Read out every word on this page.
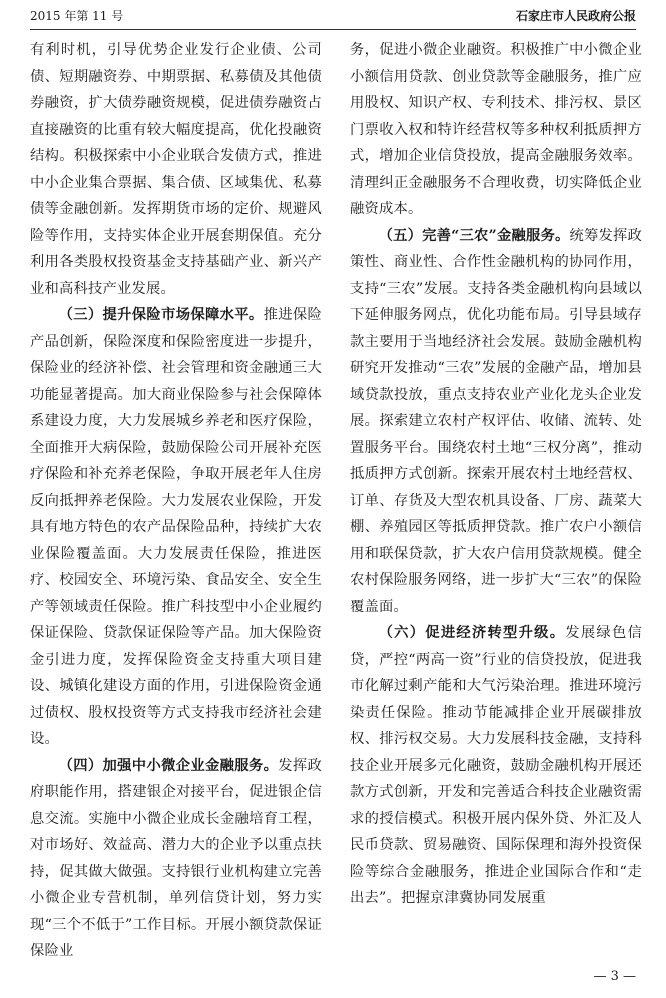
2015 年第 11 号	石家庄市人民政府公报

有利时机，引导优势企业发行企业债、公司债、短期融资券、中期票据、私募债及其他债券融资，扩大债券融资规模，促进债券融资占直接融资的比重有较大幅度提高，优化投融资结构。积极探索中小企业联合发债方式，推进中小企业集合票据、集合债、区域集优、私募债等金融创新。发挥期货市场的定价、规避风险等作用，支持实体企业开展套期保值。充分利用各类股权投资基金支持基础产业、新兴产业和高科技产业发展。

（三）提升保险市场保障水平。推进保险产品创新，保险深度和保险密度进一步提升，保险业的经济补偿、社会管理和资金融通三大功能显著提高。加大商业保险参与社会保障体系建设力度，大力发展城乡养老和医疗保险，全面推开大病保险，鼓励保险公司开展补充医疗保险和补充养老保险，争取开展老年人住房反向抵押养老保险。大力发展农业保险，开发具有地方特色的农产品保险品种，持续扩大农业保险覆盖面。大力发展责任保险，推进医疗、校园安全、环境污染、食品安全、安全生产等领域责任保险。推广科技型中小企业履约保证保险、贷款保证保险等产品。加大保险资金引进力度，发挥保险资金支持重大项目建设、城镇化建设方面的作用，引进保险资金通过债权、股权投资等方式支持我市经济社会建设。

（四）加强中小微企业金融服务。发挥政府职能作用，搭建银企对接平台，促进银企信息交流。实施中小微企业成长金融培育工程，对市场好、效益高、潜力大的企业予以重点扶持，促其做大做强。支持银行业机构建立完善小微企业专营机制，单列信贷计划，努力实现“三个不低于”工作目标。开展小额贷款保证保险业

务，促进小微企业融资。积极推广中小微企业小额信用贷款、创业贷款等金融服务，推广应用股权、知识产权、专利技术、排污权、景区门票收入权和特许经营权等多种权利抵质押方式，增加企业信贷投放，提高金融服务效率。清理纠正金融服务不合理收费，切实降低企业融资成本。

（五）完善“三农”金融服务。统筹发挥政策性、商业性、合作性金融机构的协同作用，支持“三农”发展。支持各类金融机构向县域以下延伸服务网点，优化功能布局。引导县域存款主要用于当地经济社会发展。鼓励金融机构研究开发推动“三农”发展的金融产品，增加县域贷款投放，重点支持农业产业化龙头企业发展。探索建立农村产权评估、收储、流转、处置服务平台。围绕农村土地“三权分离”，推动抵质押方式创新。探索开展农村土地经营权、订单、存货及大型农机具设备、厂房、蔬菜大棚、养殖园区等抵质押贷款。推广农户小额信用和联保贷款，扩大农户信用贷款规模。健全农村保险服务网络，进一步扩大“三农”的保险覆盖面。

（六）促进经济转型升级。发展绿色信贷，严控“两高一资”行业的信贷投放，促进我市化解过剩产能和大气污染治理。推进环境污染责任保险。推动节能减排企业开展碳排放权、排污权交易。大力发展科技金融，支持科技企业开展多元化融资，鼓励金融机构开展还款方式创新，开发和完善适合科技企业融资需求的授信模式。积极开展内保外贷、外汇及人民币贷款、贸易融资、国际保理和海外投资保险等综合金融服务，推进企业国际合作和“走出去”。把握京津冀协同发展重

— 3 —
